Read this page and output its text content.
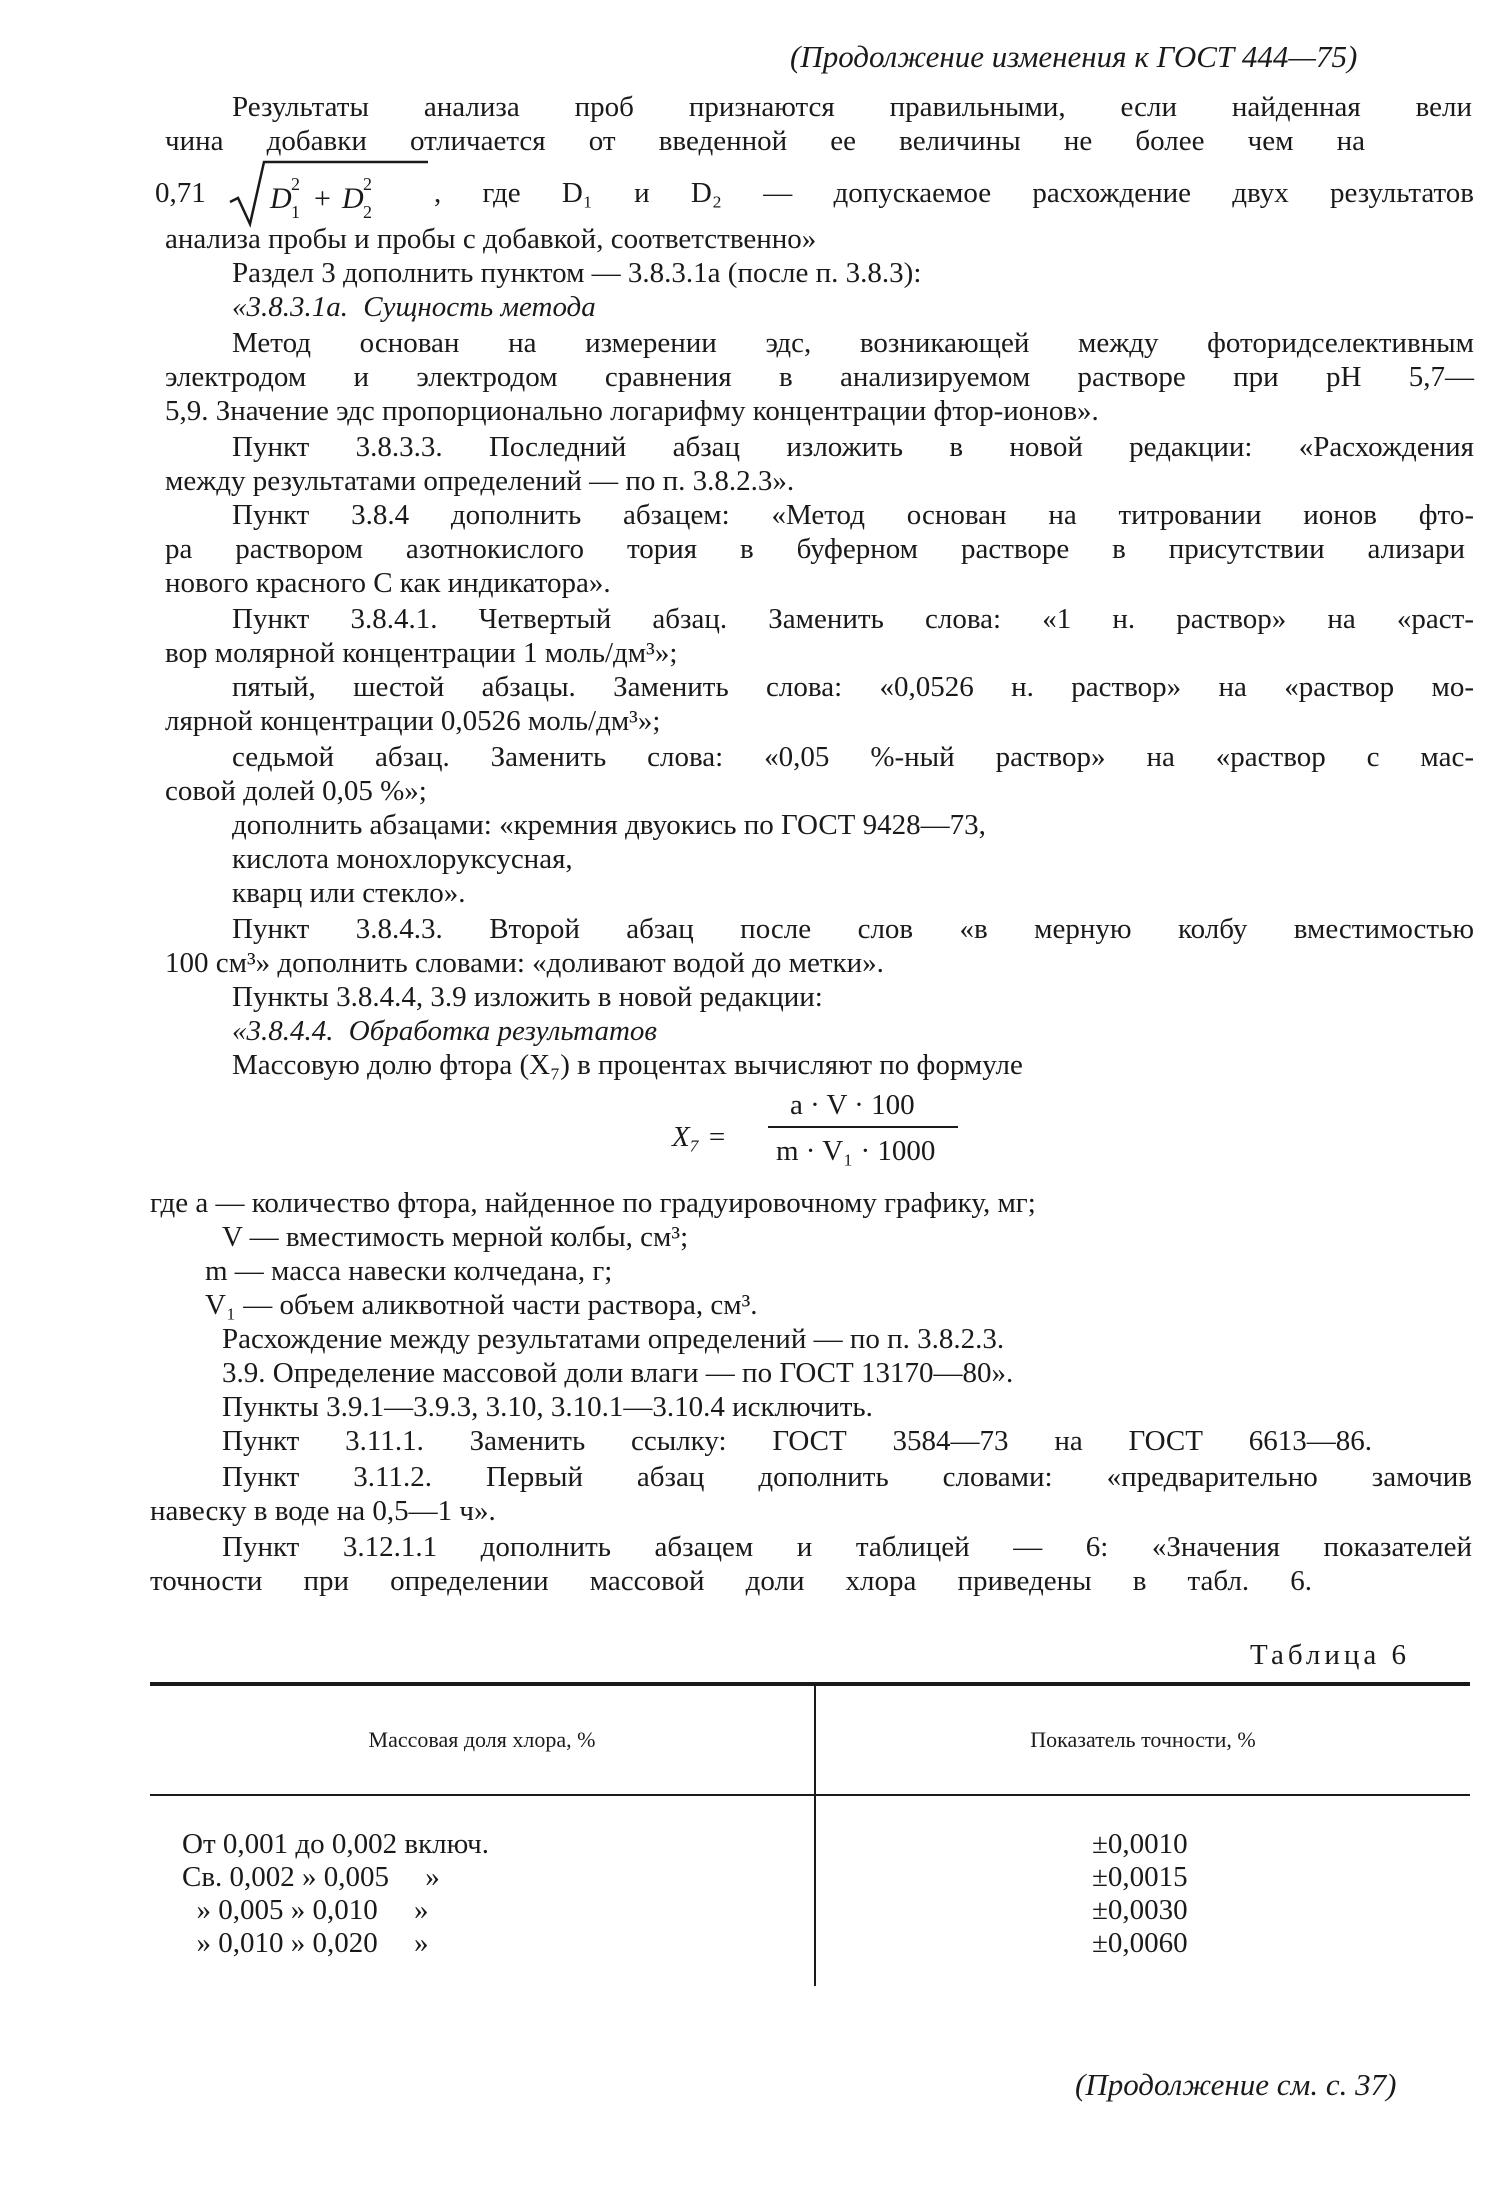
(Продолжение изменения к ГОСТ 444—75)
Результаты анализа проб признаются правильными, если найденная вели
чина добавки отличается от введенной ее величины не более чем на
0,71 D 1
2 + D 2
2 , где D₁ и D₂ — допускаемое расхождение двух результатов
анализа пробы и пробы с добавкой, соответственно»
Раздел 3 дополнить пунктом — 3.8.3.1а (после п. 3.8.3):
«3.8.3.1а. Сущность метода
Метод основан на измерении эдс, возникающей между фоторидселективным
электродом и электродом сравнения в анализируемом растворе при рН 5,7—
5,9. Значение эдс пропорционально логарифму концентрации фтор-ионов».
Пункт 3.8.3.3. Последний абзац изложить в новой редакции: «Расхождения
между результатами определений — по п. 3.8.2.3».
Пункт 3.8.4 дополнить абзацем: «Метод основан на титровании ионов фто-
ра раствором азотнокислого тория в буферном растворе в присутствии ализари
нового красного С как индикатора».
Пункт 3.8.4.1. Четвертый абзац. Заменить слова: «1 н. раствор» на «раст-
вор молярной концентрации 1 моль/дм³»;
пятый, шестой абзацы. Заменить слова: «0,0526 н. раствор» на «раствор мо-
лярной концентрации 0,0526 моль/дм³»;
седьмой абзац. Заменить слова: «0,05 %-ный раствор» на «раствор с мас-
совой долей 0,05 %»;
дополнить абзацами: «кремния двуокись по ГОСТ 9428—73,
кислота монохлоруксусная,
кварц или стекло».
Пункт 3.8.4.3. Второй абзац после слов «в мерную колбу вместимостью
100 см³» дополнить словами: «доливают водой до метки».
Пункты 3.8.4.4, 3.9 изложить в новой редакции:
«3.8.4.4. Обработка результатов
Массовую долю фтора (X₇) в процентах вычисляют по формуле
X₇ =
a · V · 100
m · V₁ · 1000
где a — количество фтора, найденное по градуировочному графику, мг;
V — вместимость мерной колбы, см³;
m — масса навески колчедана, г;
V₁ — объем аликвотной части раствора, см³.
Расхождение между результатами определений — по п. 3.8.2.3.
3.9. Определение массовой доли влаги — по ГОСТ 13170—80».
Пункты 3.9.1—3.9.3, 3.10, 3.10.1—3.10.4 исключить.
Пункт 3.11.1. Заменить ссылку: ГОСТ 3584—73 на ГОСТ 6613—86.
Пункт 3.11.2. Первый абзац дополнить словами: «предварительно замочив
навеску в воде на 0,5—1 ч».
Пункт 3.12.1.1 дополнить абзацем и таблицей — 6: «Значения показателей
точности при определении массовой доли хлора приведены в табл. 6.
Таблица 6
Массовая доля хлора, %	Показатель точности, %
От 0,001 до 0,002 включ.	±0,0010
Св. 0,002 » 0,005     »	±0,0015
» 0,005 » 0,010     »	±0,0030
» 0,010 » 0,020     »	±0,0060
(Продолжение см. с. 37)
